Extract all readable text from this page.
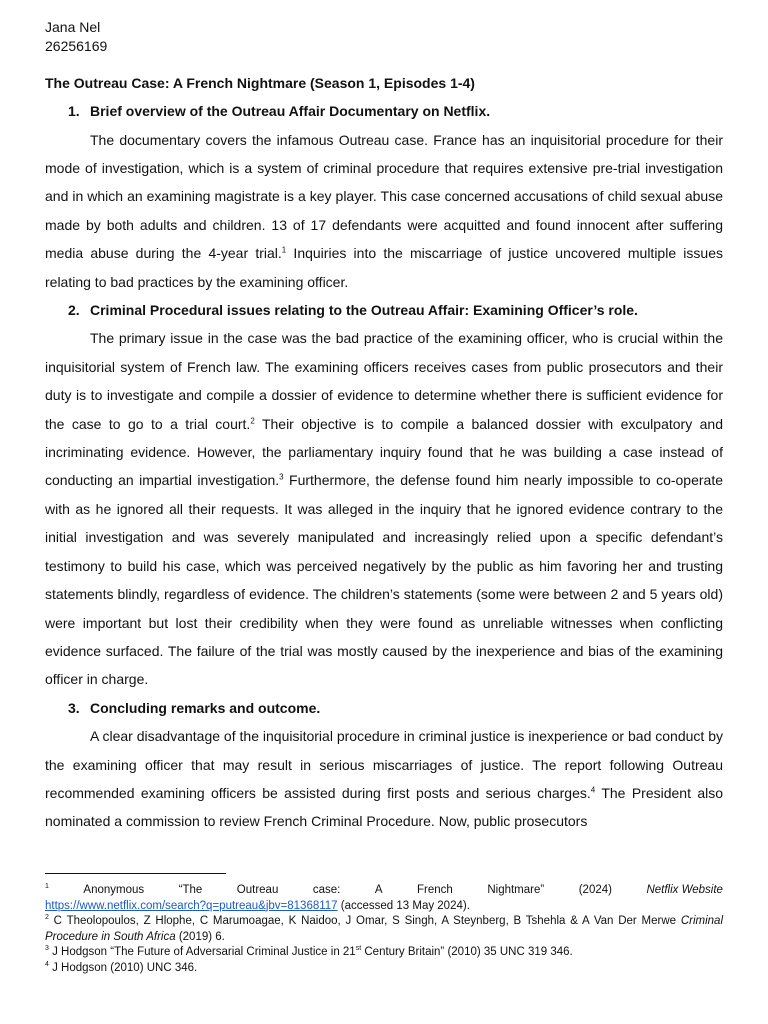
Jana Nel

26256169

The Outreau Case: A French Nightmare (Season 1, Episodes 1-4)

1. Brief overview of the Outreau Affair Documentary on Netflix.

The documentary covers the infamous Outreau case. France has an inquisitorial procedure for their mode of investigation, which is a system of criminal procedure that requires extensive pre-trial investigation and in which an examining magistrate is a key player. This case concerned accusations of child sexual abuse made by both adults and children. 13 of 17 defendants were acquitted and found innocent after suffering media abuse during the 4-year trial.$^1$ Inquiries into the miscarriage of justice uncovered multiple issues relating to bad practices by the examining officer.

2. Criminal Procedural issues relating to the Outreau Affair: Examining Officer’s role.

The primary issue in the case was the bad practice of the examining officer, who is crucial within the inquisitorial system of French law. The examining officers receives cases from public prosecutors and their duty is to investigate and compile a dossier of evidence to determine whether there is sufficient evidence for the case to go to a trial court.$^2$ Their objective is to compile a balanced dossier with exculpatory and incriminating evidence. However, the parliamentary inquiry found that he was building a case instead of conducting an impartial investigation.$^3$ Furthermore, the defense found him nearly impossible to co-operate with as he ignored all their requests. It was alleged in the inquiry that he ignored evidence contrary to the initial investigation and was severely manipulated and increasingly relied upon a specific defendant’s testimony to build his case, which was perceived negatively by the public as him favoring her and trusting statements blindly, regardless of evidence. The children’s statements (some were between 2 and 5 years old) were important but lost their credibility when they were found as unreliable witnesses when conflicting evidence surfaced. The failure of the trial was mostly caused by the inexperience and bias of the examining officer in charge.

3. Concluding remarks and outcome.

A clear disadvantage of the inquisitorial procedure in criminal justice is inexperience or bad conduct by the examining officer that may result in serious miscarriages of justice. The report following Outreau recommended examining officers be assisted during first posts and serious charges.$^4$ The President also nominated a commission to review French Criminal Procedure. Now, public prosecutors

$^1$	Anonymous	“The	Outreau	case:	A	French	Nightmare”	(2024)	Netflix Website
https://www.netflix.com/search?q=putreau&jbv=81368117 (accessed 13 May 2024).

$^2$ C Theolopoulos, Z Hlophe, C Marumoagae, K Naidoo, J Omar, S Singh, A Steynberg, B Tshehla & A Van Der Merwe Criminal Procedure in South Africa (2019) 6.

$^3$ J Hodgson “The Future of Adversarial Criminal Justice in 21st Century Britain” (2010) 35 UNC 319 346.

$^4$ J Hodgson (2010) UNC 346.
